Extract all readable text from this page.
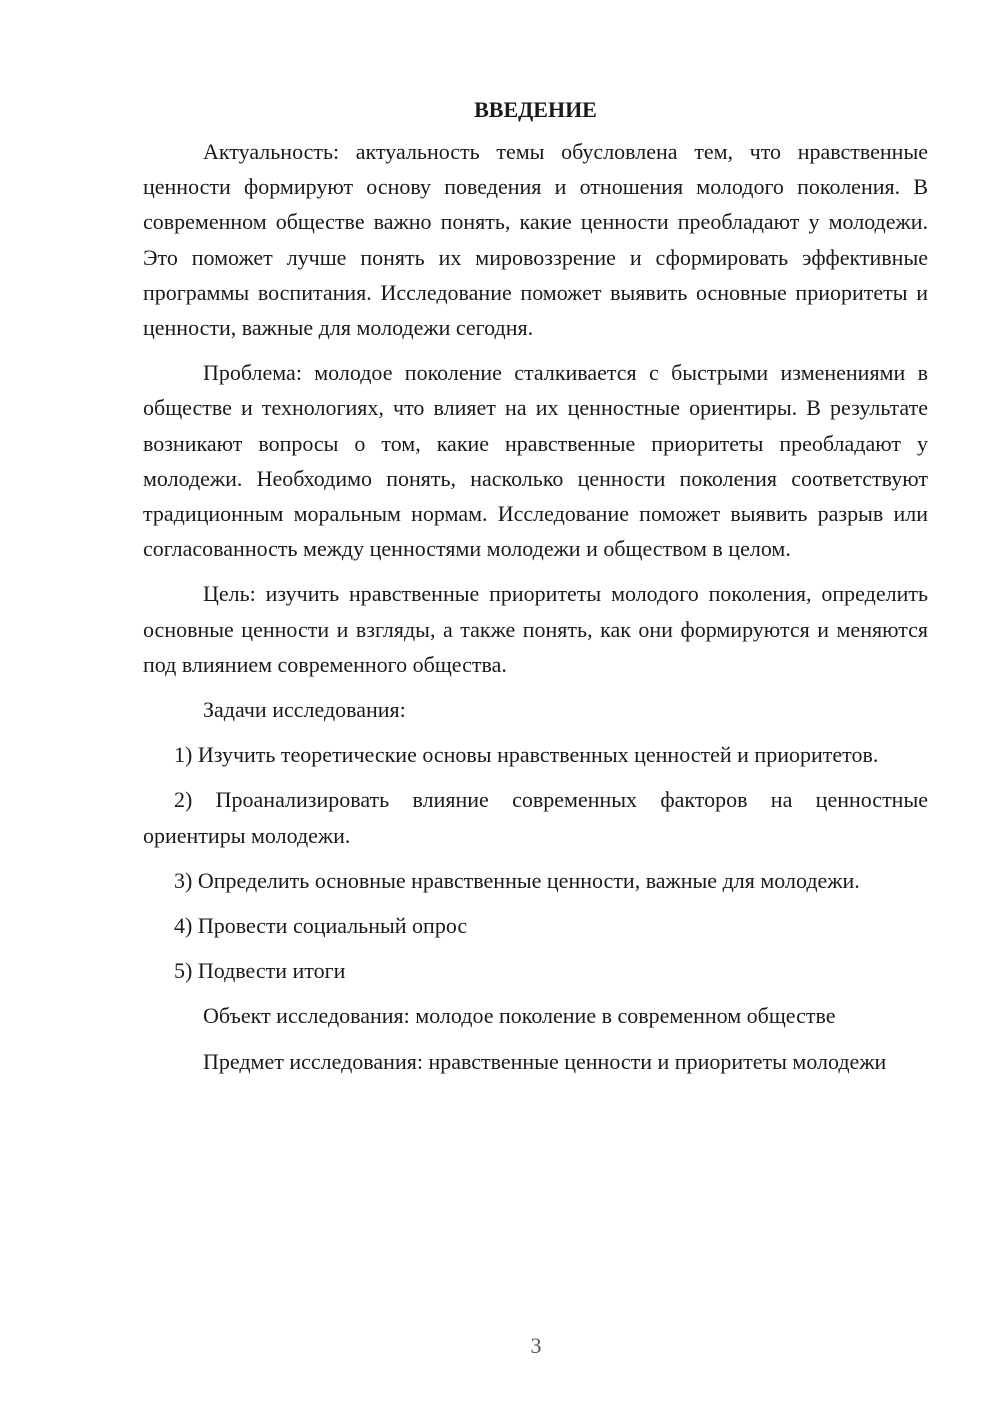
ВВЕДЕНИЕ

Актуальность: актуальность темы обусловлена тем, что нравственные ценности формируют основу поведения и отношения молодого поколения. В современном обществе важно понять, какие ценности преобладают у молодежи. Это поможет лучше понять их мировоззрение и сформировать эффективные программы воспитания. Исследование поможет выявить основные приоритеты и ценности, важные для молодежи сегодня.

Проблема: молодое поколение сталкивается с быстрыми изменениями в обществе и технологиях, что влияет на их ценностные ориентиры. В результате возникают вопросы о том, какие нравственные приоритеты преобладают у молодежи. Необходимо понять, насколько ценности поколения соответствуют традиционным моральным нормам. Исследование поможет выявить разрыв или согласованность между ценностями молодежи и обществом в целом.

Цель: изучить нравственные приоритеты молодого поколения, определить основные ценности и взгляды, а также понять, как они формируются и меняются под влиянием современного общества.

Задачи исследования:

1) Изучить теоретические основы нравственных ценностей и приоритетов.

2) Проанализировать влияние современных факторов на ценностные ориентиры молодежи.

3) Определить основные нравственные ценности, важные для молодежи.

4) Провести социальный опрос

5) Подвести итоги

Объект исследования: молодое поколение в современном обществе

Предмет исследования: нравственные ценности и приоритеты молодежи

3
